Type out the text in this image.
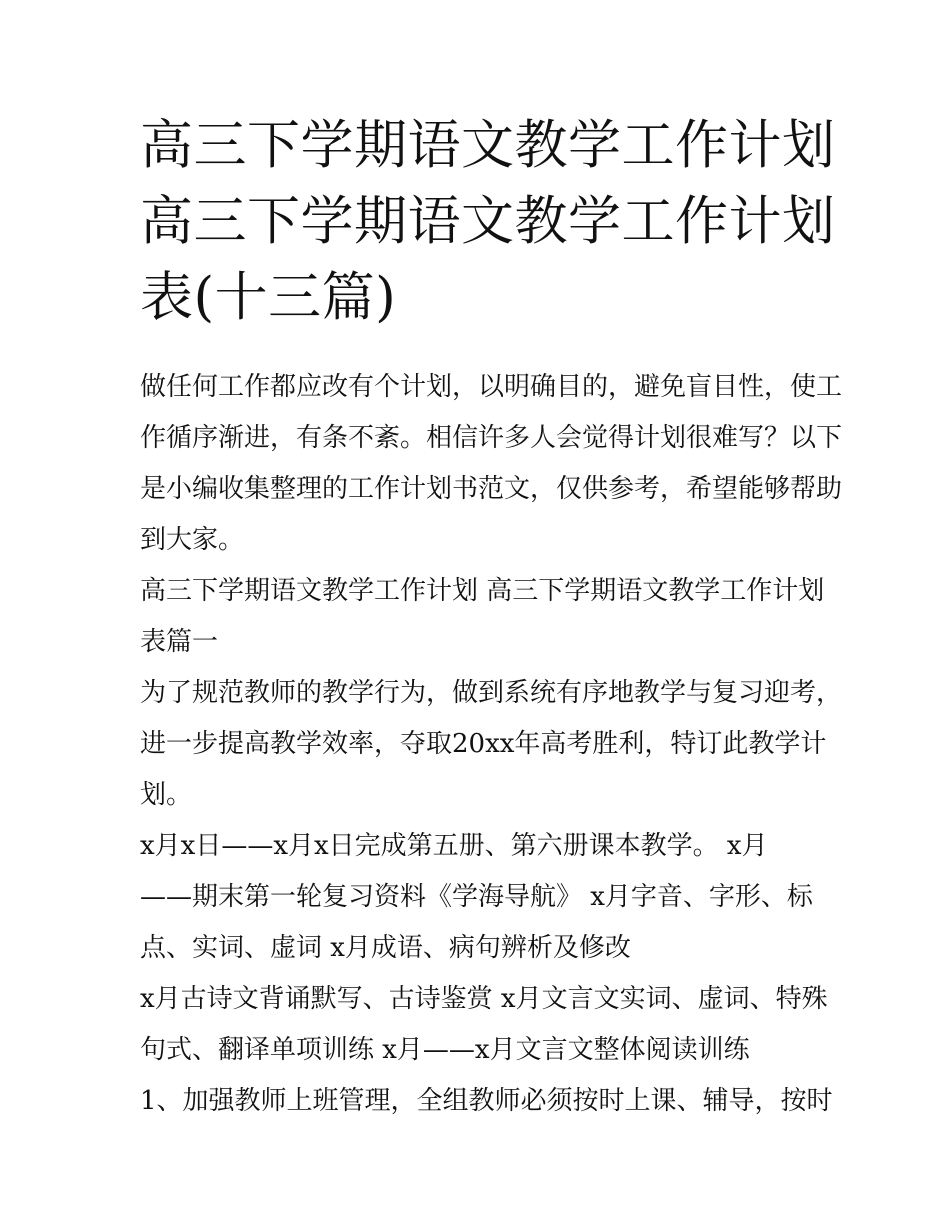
高三下学期语文教学工作计划
高三下学期语文教学工作计划
表(十三篇)

做任何工作都应改有个计划，以明确目的，避免盲目性，使工
作循序渐进，有条不紊。相信许多人会觉得计划很难写？以下
是小编收集整理的工作计划书范文，仅供参考，希望能够帮助
到大家。

高三下学期语文教学工作计划 高三下学期语文教学工作计划
表篇一

为了规范教师的教学行为，做到系统有序地教学与复习迎考，
进一步提高教学效率，夺取20xx年高考胜利，特订此教学计
划。

x月x日——x月x日完成第五册、第六册课本教学。 x月
——期末第一轮复习资料《学海导航》 x月字音、字形、标
点、实词、虚词 x月成语、病句辨析及修改

x月古诗文背诵默写、古诗鉴赏 x月文言文实词、虚词、特殊
句式、翻译单项训练 x月——x月文言文整体阅读训练

1、加强教师上班管理，全组教师必须按时上课、辅导，按时
